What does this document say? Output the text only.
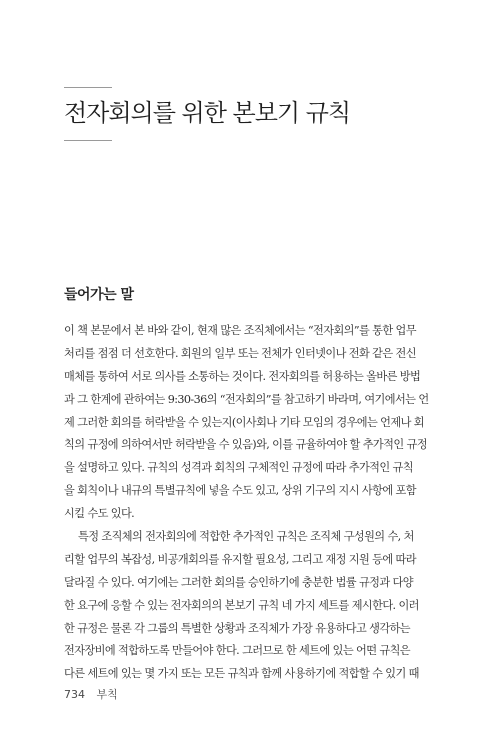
전자회의를 위한 본보기 규칙
들어가는 말
이 책 본문에서 본 바와 같이, 현재 많은 조직체에서는 “전자회의”를 통한 업무
처리를 점점 더 선호한다. 회원의 일부 또는 전체가 인터넷이나 전화 같은 전신
매체를 통하여 서로 의사를 소통하는 것이다. 전자회의를 허용하는 올바른 방법
과 그 한계에 관하여는 9:30-36의 “전자회의”를 참고하기 바라며, 여기에서는 언
제 그러한 회의를 허락받을 수 있는지(이사회나 기타 모임의 경우에는 언제나 회
칙의 규정에 의하여서만 허락받을 수 있음)와, 이를 규율하여야 할 추가적인 규정
을 설명하고 있다. 규칙의 성격과 회칙의 구체적인 규정에 따라 추가적인 규칙
을 회칙이나 내규의 특별규칙에 넣을 수도 있고, 상위 기구의 지시 사항에 포함
시킬 수도 있다.
특정 조직체의 전자회의에 적합한 추가적인 규칙은 조직체 구성원의 수, 처
리할 업무의 복잡성, 비공개회의를 유지할 필요성, 그리고 재정 지원 등에 따라
달라질 수 있다. 여기에는 그러한 회의를 승인하기에 충분한 법률 규정과 다양
한 요구에 응할 수 있는 전자회의의 본보기 규칙 네 가지 세트를 제시한다. 이러
한 규정은 물론 각 그룹의 특별한 상황과 조직체가 가장 유용하다고 생각하는
전자장비에 적합하도록 만들어야 한다. 그러므로 한 세트에 있는 어떤 규칙은
다른 세트에 있는 몇 가지 또는 모든 규칙과 함께 사용하기에 적합할 수 있기 때
734 부칙
